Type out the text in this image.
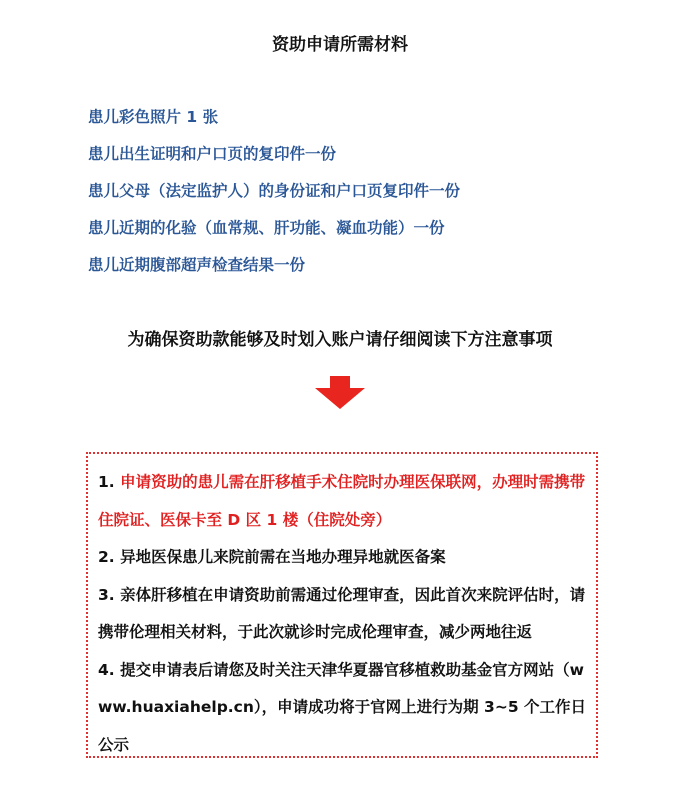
资助申请所需材料
患儿彩色照片 1 张
患儿出生证明和户口页的复印件一份
患儿父母（法定监护人）的身份证和户口页复印件一份
患儿近期的化验（血常规、肝功能、凝血功能）一份
患儿近期腹部超声检查结果一份
为确保资助款能够及时划入账户请仔细阅读下方注意事项

1. 申请资助的患儿需在肝移植手术住院时办理医保联网，办理时需携带住院证、医保卡至 D 区 1 楼（住院处旁）

2. 异地医保患儿来院前需在当地办理异地就医备案

3. 亲体肝移植在申请资助前需通过伦理审查，因此首次来院评估时，请携带伦理相关材料，于此次就诊时完成伦理审查，减少两地往返

4. 提交申请表后请您及时关注天津华夏器官移植救助基金官方网站（www.huaxiahelp.cn），申请成功将于官网上进行为期 3~5 个工作日公示
